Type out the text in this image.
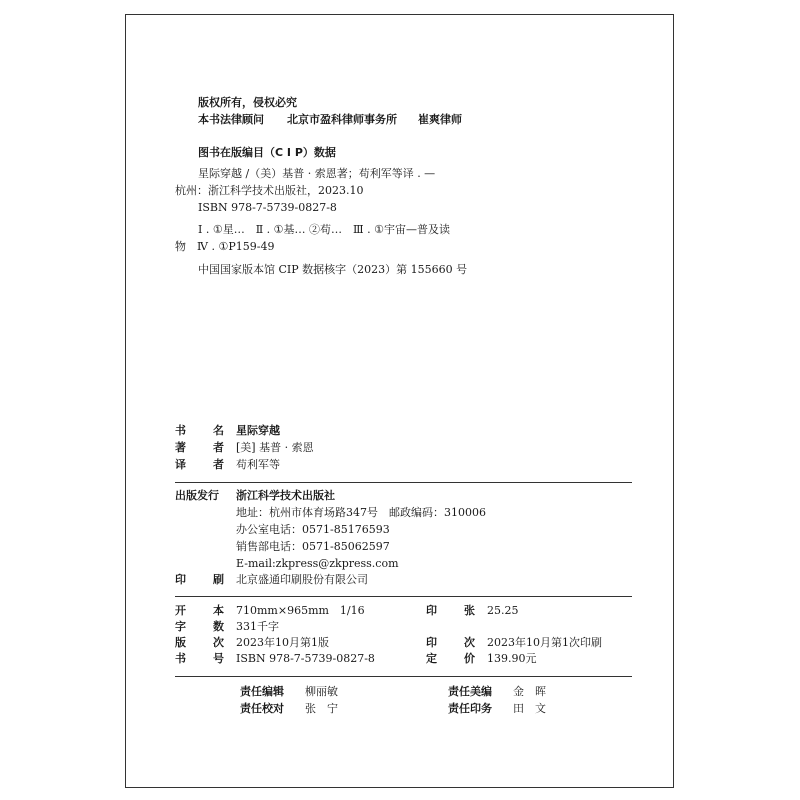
版权所有，侵权必究
本书法律顾问 北京市盈科律师事务所 崔爽律师
图书在版编目（C I P）数据
星际穿越 /（美）基普 · 索恩著；苟利军等译 . —
杭州：浙江科学技术出版社，2023.10
ISBN 978-7-5739-0827-8
Ⅰ . ①星…　Ⅱ . ①基… ②苟…　Ⅲ . ①宇宙—普及读
物　Ⅳ . ①P159-49
中国国家版本馆 CIP 数据核字（2023）第 155660 号
书 名 星际穿越
著 者 [美] 基普 · 索恩
译 者 苟利军等
出版发行 浙江科学技术出版社
地址：杭州市体育场路347号　邮政编码：310006
办公室电话：0571-85176593
销售部电话：0571-85062597
E-mail:zkpress@zkpress.com
印 刷 北京盛通印刷股份有限公司
开 本 710mm×965mm　1/16	印 张 25.25
字 数 331千字
版 次 2023年10月第1版	印 次 2023年10月第1次印刷
书 号 ISBN 978-7-5739-0827-8	定 价 139.90元
责任编辑 柳丽敏	责任美编 金　晖
责任校对 张　宁	责任印务 田　文
